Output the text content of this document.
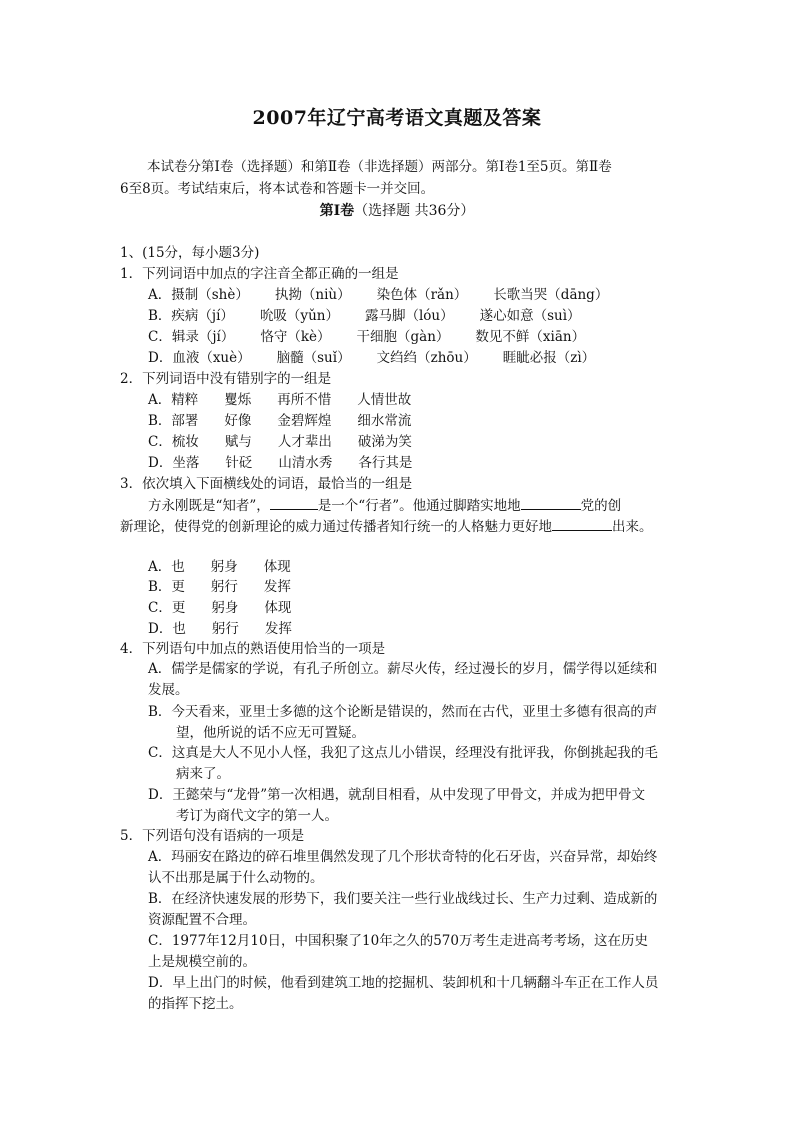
2007年辽宁高考语文真题及答案
本试卷分第Ⅰ卷（选择题）和第Ⅱ卷（非选择题）两部分。第Ⅰ卷1至5页。第Ⅱ卷
6至8页。考试结束后，将本试卷和答题卡一并交回。
第Ⅰ卷（选择题 共36分）
1、(15分，每小题3分)
1．下列词语中加点的字注音全都正确的一组是
A．摄制（shè） 执拗（niù） 染色体（rǎn） 长歌当哭（dāng）
B．疾病（jí） 吮吸（yǔn） 露马脚（lóu） 遂心如意（suì）
C．辑录（jí） 恪守（kè） 干细胞（gàn） 数见不鲜（xiān）
D．血液（xuè） 脑髓（suǐ） 文绉绉（zhōu） 睚眦必报（zì）
2．下列词语中没有错别字的一组是
A．精粹 矍烁 再所不惜 人情世故
B．部署 好像 金碧辉煌 细水常流
C．梳妆 赋与 人才辈出 破涕为笑
D．坐落 针砭 山清水秀 各行其是
3．依次填入下面横线处的词语，最恰当的一组是
方永刚既是“知者”，	是一个“行者”。他通过脚踏实地地	党的创
新理论，使得党的创新理论的威力通过传播者知行统一的人格魅力更好地	出来。
A．也 躬身 体现
B．更 躬行 发挥
C．更 躬身 体现
D．也 躬行 发挥
4．下列语句中加点的熟语使用恰当的一项是
A．儒学是儒家的学说，有孔子所创立。薪尽火传，经过漫长的岁月，儒学得以延续和
发展。
B．今天看来，亚里士多德的这个论断是错误的，然而在古代，亚里士多德有很高的声
望，他所说的话不应无可置疑。
C．这真是大人不见小人怪，我犯了这点儿小错误，经理没有批评我，你倒挑起我的毛
病来了。
D．王懿荣与“龙骨”第一次相遇，就刮目相看，从中发现了甲骨文，并成为把甲骨文
考订为商代文字的第一人。
5．下列语句没有语病的一项是
A．玛丽安在路边的碎石堆里偶然发现了几个形状奇特的化石牙齿，兴奋异常，却始终
认不出那是属于什么动物的。
B．在经济快速发展的形势下，我们要关注一些行业战线过长、生产力过剩、造成新的
资源配置不合理。
C．1977年12月10日，中国积聚了10年之久的570万考生走进高考考场，这在历史
上是规模空前的。
D．早上出门的时候，他看到建筑工地的挖掘机、装卸机和十几辆翻斗车正在工作人员
的指挥下挖土。
